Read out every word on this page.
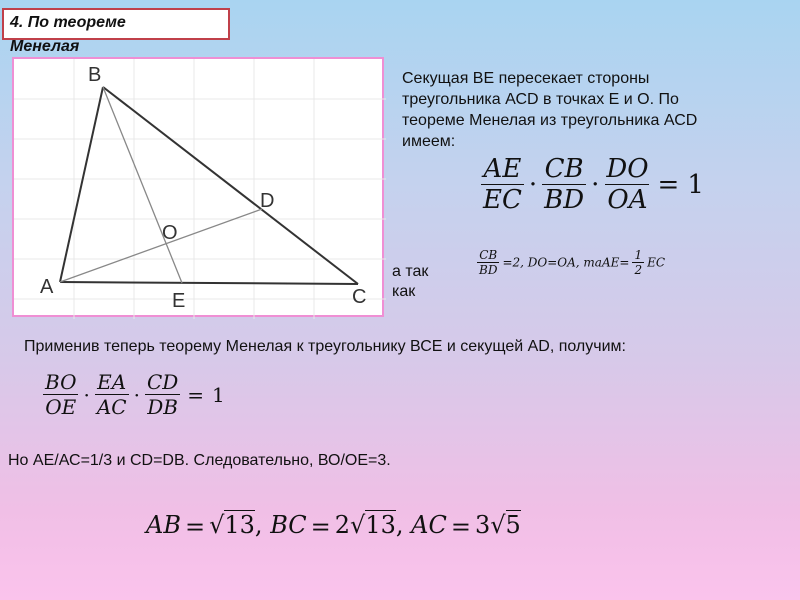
4. По теореме
Менелая
B
D
O
A
E	C
Секущая ВЕ пересекает стороны
треугольника АСD в точках Е и О. По
теореме Менелая из треугольника АСD
имеем:
$\frac{AE}{EC} \cdot \frac{CB}{BD} \cdot \frac{DO}{OA} = 1$
а так
как
$\frac{CB}{BD} =2$, DO=OA, таAE= $\frac{1}{2}$ EC
Применив теперь теорему Менелая к треугольнику ВСЕ и секущей АD, получим:
$\frac{BO}{OE} \cdot \frac{EA}{AC} \cdot \frac{CD}{DB} = 1$
Но АЕ/АС=1/3 и СD=DB. Следовательно, ВО/ОЕ=3.
AB = √13, BC = 2√13, AC = 3√5
